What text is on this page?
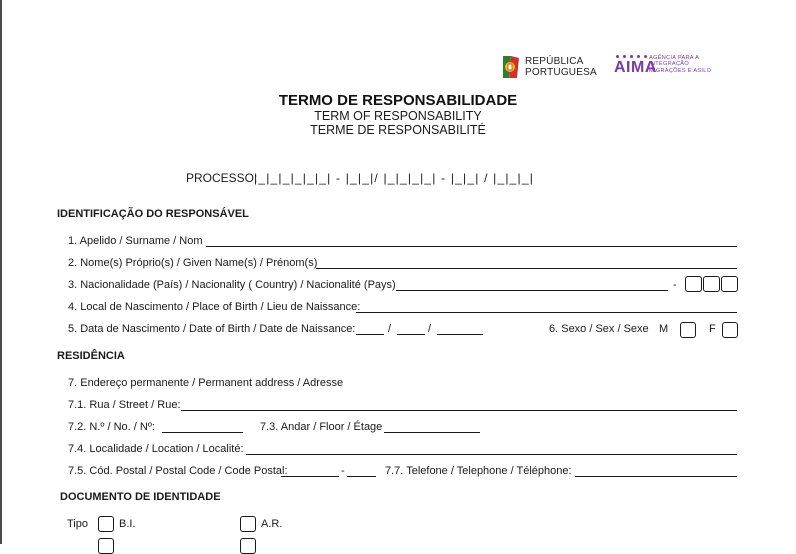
REPÚBLICA
PORTUGUESA AIMA
AGÊNCIA PARA A
INTEGRAÇÃO
MIGRAÇÕES E ASILO
TERMO DE RESPONSABILIDADE
TERM OF RESPONSABILITY
TERME DE RESPONSABILITÉ
PROCESSO:
|_|_|_|_|_|_| - |_|_|/ |_|_|_|_| - |_|_| / |_|_|_|
IDENTIFICAÇÃO DO RESPONSÁVEL
1. Apelido / Surname / Nom
2. Nome(s) Próprio(s) / Given Name(s) / Prénom(s)
3. Nacionalidade (País) / Nacionality ( Country) / Nacionalité (Pays)	-
4. Local de Nascimento / Place of Birth / Lieu de Naissance:
5. Data de Nascimento / Date of Birth / Date de Naissance:	/	/	6. Sexo / Sex / Sexe M	F
RESIDÊNCIA
7. Endereço permanente / Permanent address / Adresse
7.1. Rua / Street / Rue:
7.2. N.º / No. / Nº:	7.3. Andar / Floor / Étage
7.4. Localidade / Location / Localité:
7.5. Cód. Postal / Postal Code / Code Postal:	-	7.7. Telefone / Telephone / Téléphone:
DOCUMENTO DE IDENTIDADE
Tipo	B.I.	A.R.
